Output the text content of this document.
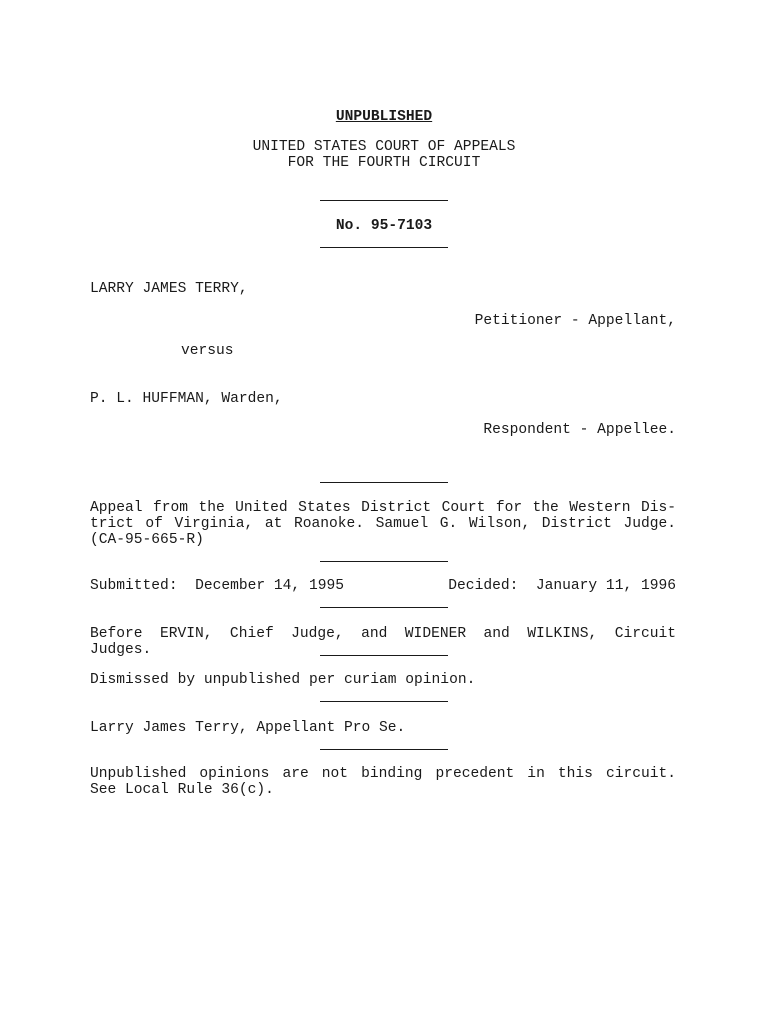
UNPUBLISHED
UNITED STATES COURT OF APPEALS
FOR THE FOURTH CIRCUIT
No. 95-7103
LARRY JAMES TERRY,
Petitioner - Appellant,
versus
P. L. HUFFMAN, Warden,
Respondent - Appellee.
Appeal from the United States District Court for the Western Dis-
trict of Virginia, at Roanoke. Samuel G. Wilson, District Judge.
(CA-95-665-R)
Submitted:  December 14, 1995	Decided:  January 11, 1996
Before ERVIN, Chief Judge, and WIDENER and WILKINS, Circuit Judges.
Dismissed by unpublished per curiam opinion.
Larry James Terry, Appellant Pro Se.
Unpublished opinions are not binding precedent in this circuit.
See Local Rule 36(c).
